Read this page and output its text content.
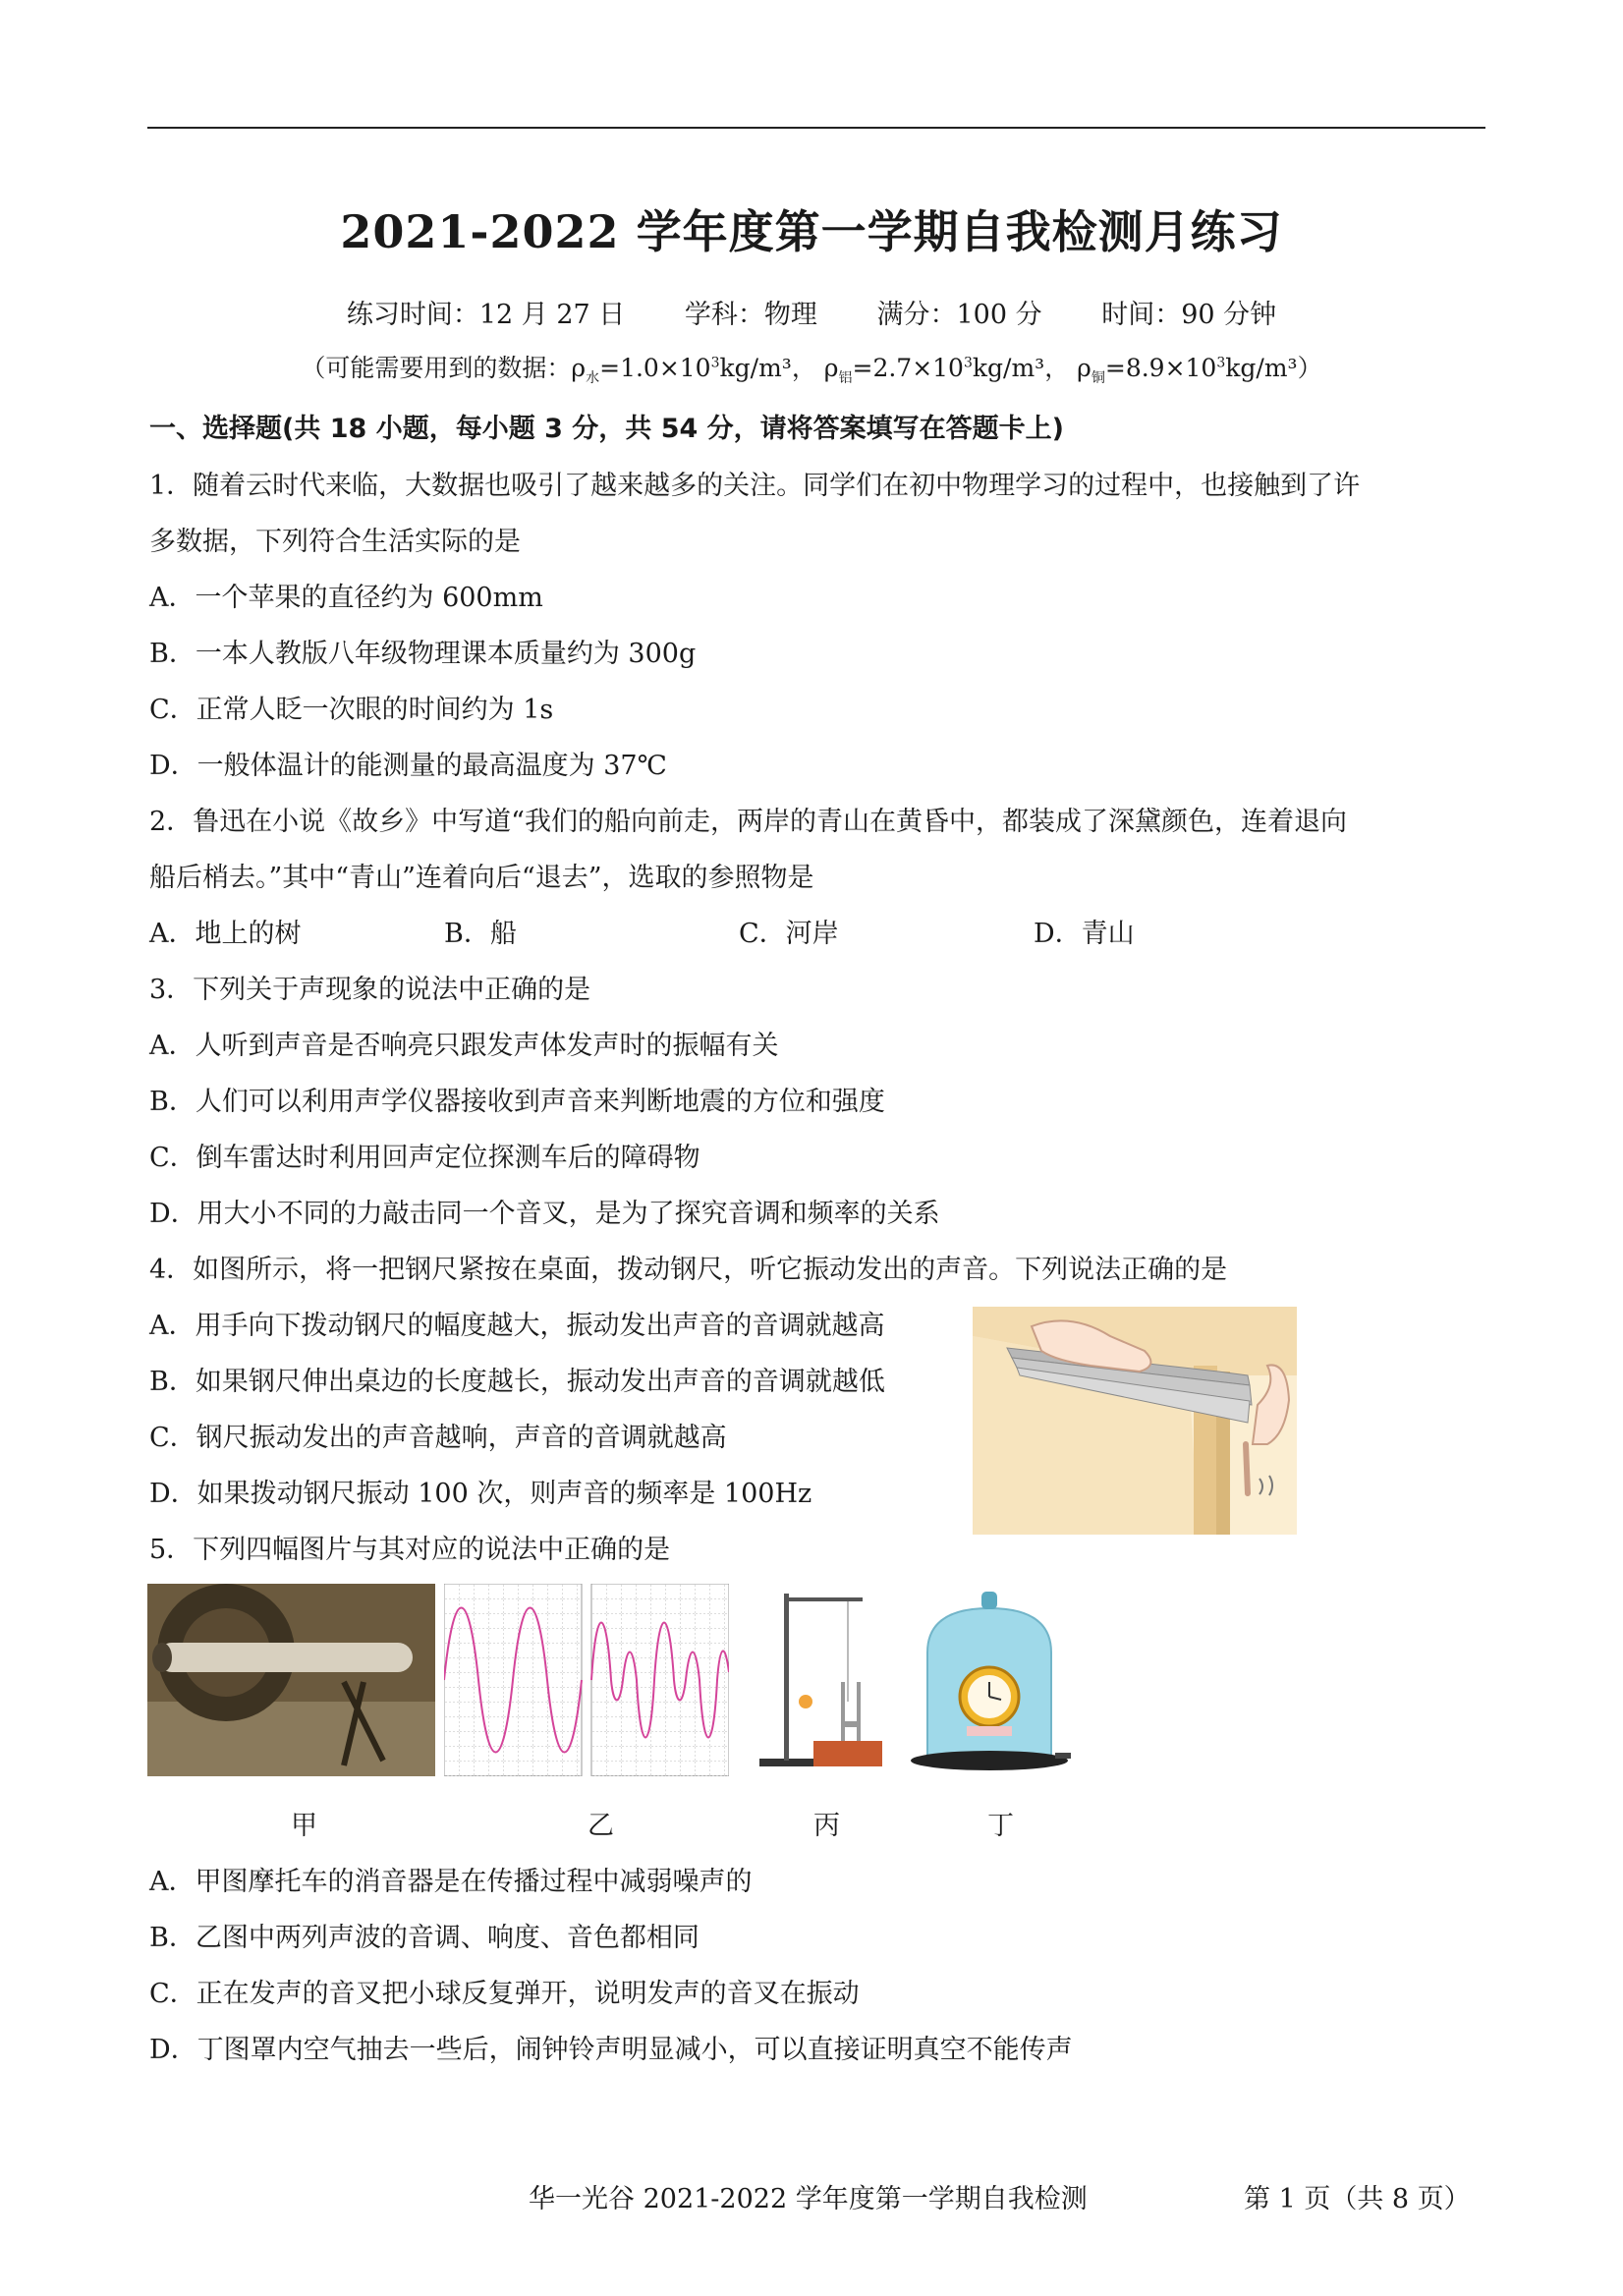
2021-2022 学年度第一学期自我检测月练习
练习时间：12 月 27 日 学科：物理 满分：100 分 时间：90 分钟
（可能需要用到的数据：$\rho_水=1.0\times 10^3kg/m^3$， $\rho_铝=2.7\times 10^3kg/m^3$， $\rho_铜=8.9\times 10^3kg/m^3$）
一、选择题(共 18 小题，每小题 3 分，共 54 分，请将答案填写在答题卡上)
1．随着云时代来临，大数据也吸引了越来越多的关注。同学们在初中物理学习的过程中，也接触到了许
多数据，下列符合生活实际的是
A．一个苹果的直径约为 600mm
B．一本人教版八年级物理课本质量约为 300g
C．正常人眨一次眼的时间约为 1s
D．一般体温计的能测量的最高温度为 37℃
2．鲁迅在小说《故乡》中写道“我们的船向前走，两岸的青山在黄昏中，都装成了深黛颜色，连着退向
船后梢去。”其中“青山”连着向后“退去”，选取的参照物是
A．地上的树	B．船	C．河岸	D．青山
3．下列关于声现象的说法中正确的是
A．人听到声音是否响亮只跟发声体发声时的振幅有关
B．人们可以利用声学仪器接收到声音来判断地震的方位和强度
C．倒车雷达时利用回声定位探测车后的障碍物
D．用大小不同的力敲击同一个音叉，是为了探究音调和频率的关系
4．如图所示，将一把钢尺紧按在桌面，拨动钢尺，听它振动发出的声音。下列说法正确的是
A．用手向下拨动钢尺的幅度越大，振动发出声音的音调就越高
B．如果钢尺伸出桌边的长度越长，振动发出声音的音调就越低
C．钢尺振动发出的声音越响，声音的音调就越高
D．如果拨动钢尺振动 100 次，则声音的频率是 100Hz
5．下列四幅图片与其对应的说法中正确的是
甲	乙	丙	丁
A．甲图摩托车的消音器是在传播过程中减弱噪声的
B．乙图中两列声波的音调、响度、音色都相同
C．正在发声的音叉把小球反复弹开，说明发声的音叉在振动
D．丁图罩内空气抽去一些后，闹钟铃声明显减小，可以直接证明真空不能传声
华一光谷 2021-2022 学年度第一学期自我检测	第 1 页（共 8 页）
